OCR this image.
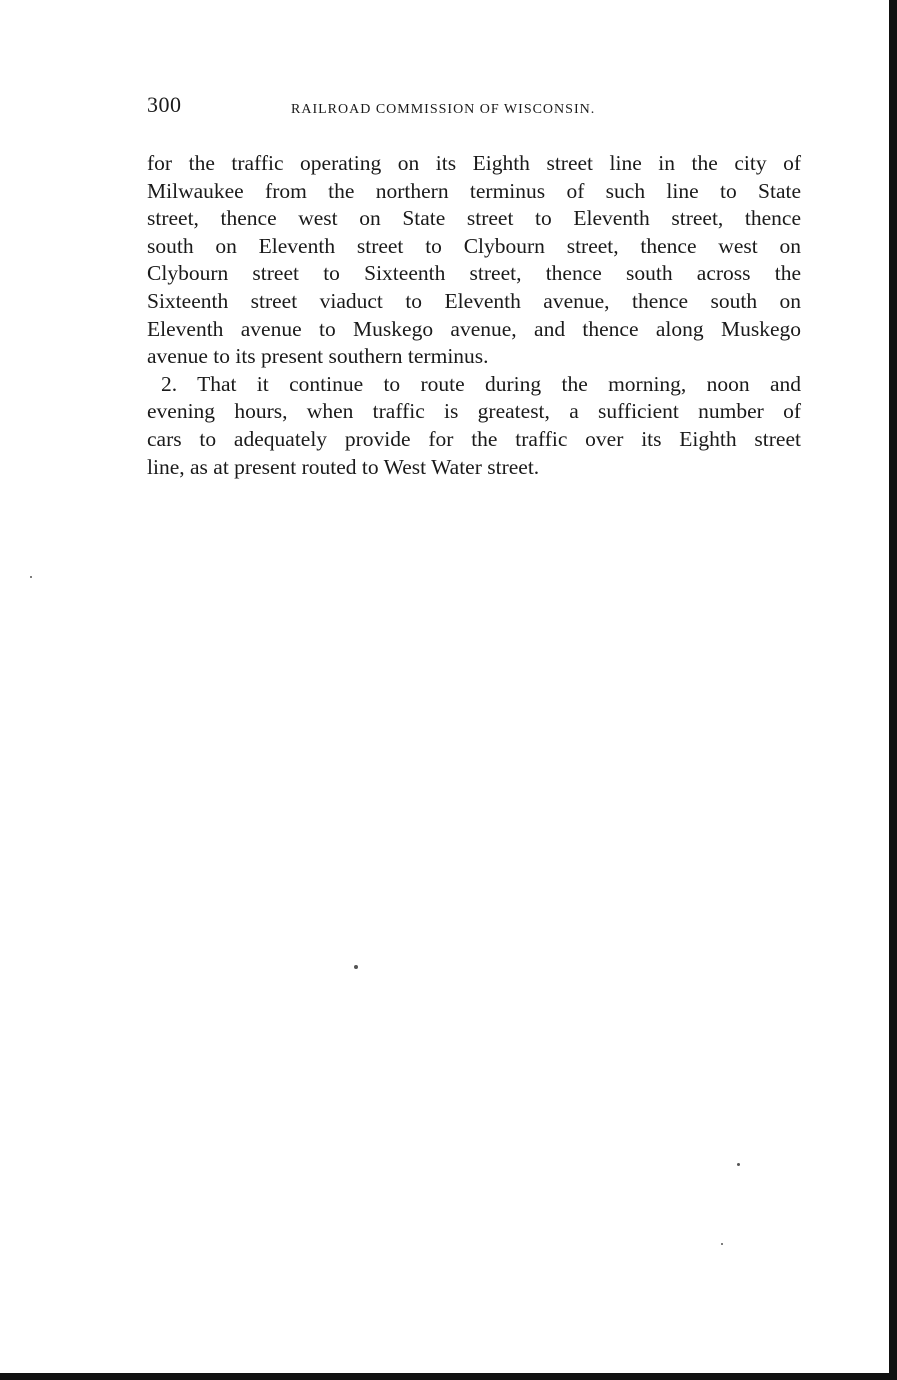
300	RAILROAD COMMISSION OF WISCONSIN.

for the traffic operating on its Eighth street line in the city of
Milwaukee from the northern terminus of such line to State
street, thence west on State street to Eleventh street, thence
south on Eleventh street to Clybourn street, thence west on
Clybourn street to Sixteenth street, thence south across the
Sixteenth street viaduct to Eleventh avenue, thence south on
Eleventh avenue to Muskego avenue, and thence along Muskego
avenue to its present southern terminus.

2. That it continue to route during the morning, noon and
evening hours, when traffic is greatest, a sufficient number of
cars to adequately provide for the traffic over its Eighth street
line, as at present routed to West Water street.
